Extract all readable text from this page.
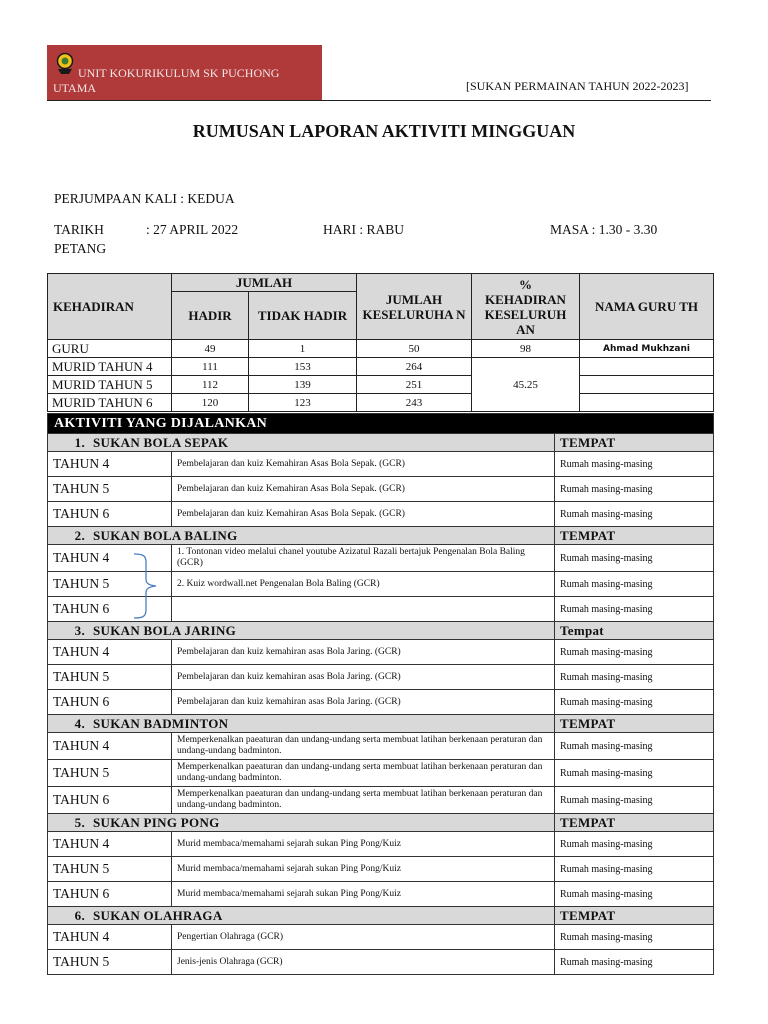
UNIT KOKURIKULUM SK PUCHONG UTAMA	[SUKAN PERMAINAN TAHUN 2022-2023]
RUMUSAN LAPORAN AKTIVITI MINGGUAN
PERJUMPAAN KALI : KEDUA
TARIKH	: 27 APRIL 2022	HARI : RABU	MASA : 1.30 - 3.30
PETANG
KEHADIRAN	JUMLAH		JUMLAH KESELURUHA N	% KEHADIRAN KESELURUH AN	NAMA GURU TH
	HADIR	TIDAK HADIR			
GURU	49	1	50	98	Ahmad Mukhzani
MURID TAHUN 4	111	153	264	45.25	
MURID TAHUN 5	112	139	251		
MURID TAHUN 6	120	123	243		
AKTIVITI YANG DIJALANKAN		
1. SUKAN BOLA SEPAK		TEMPAT
TAHUN 4	Pembelajaran dan kuiz Kemahiran Asas Bola Sepak. (GCR)	Rumah masing-masing
TAHUN 5	Pembelajaran dan kuiz Kemahiran Asas Bola Sepak. (GCR)	Rumah masing-masing
TAHUN 6	Pembelajaran dan kuiz Kemahiran Asas Bola Sepak. (GCR)	Rumah masing-masing
2. SUKAN BOLA BALING		TEMPAT
TAHUN 4	1. Tontonan video melalui chanel youtube Azizatul Razali bertajuk Pengenalan Bola Baling (GCR)	Rumah masing-masing
TAHUN 5	2. Kuiz wordwall.net Pengenalan Bola Baling (GCR)	Rumah masing-masing
TAHUN 6		Rumah masing-masing
3. SUKAN BOLA JARING		Tempat
TAHUN 4	Pembelajaran dan kuiz kemahiran asas Bola Jaring. (GCR)	Rumah masing-masing
TAHUN 5	Pembelajaran dan kuiz kemahiran asas Bola Jaring. (GCR)	Rumah masing-masing
TAHUN 6	Pembelajaran dan kuiz kemahiran asas Bola Jaring. (GCR)	Rumah masing-masing
4. SUKAN BADMINTON		TEMPAT
TAHUN 4	Memperkenalkan paeaturan dan undang-undang serta membuat latihan berkenaan peraturan dan undang-undang badminton.	Rumah masing-masing
TAHUN 5	Memperkenalkan paeaturan dan undang-undang serta membuat latihan berkenaan peraturan dan undang-undang badminton.	Rumah masing-masing
TAHUN 6	Memperkenalkan paeaturan dan undang-undang serta membuat latihan berkenaan peraturan dan undang-undang badminton.	Rumah masing-masing
5. SUKAN PING PONG		TEMPAT
TAHUN 4	Murid membaca/memahami sejarah sukan Ping Pong/Kuiz	Rumah masing-masing
TAHUN 5	Murid membaca/memahami sejarah sukan Ping Pong/Kuiz	Rumah masing-masing
TAHUN 6	Murid membaca/memahami sejarah sukan Ping Pong/Kuiz	Rumah masing-masing
6. SUKAN OLAHRAGA		TEMPAT
TAHUN 4	Pengertian Olahraga (GCR)	Rumah masing-masing
TAHUN 5	Jenis-jenis Olahraga (GCR)	Rumah masing-masing
